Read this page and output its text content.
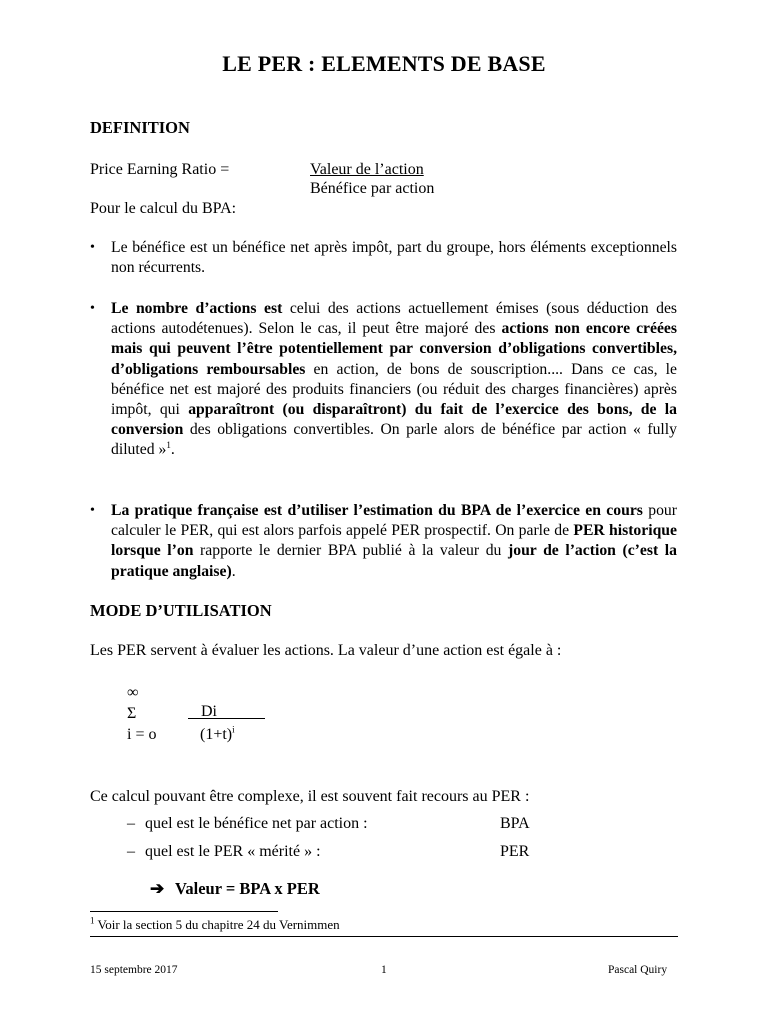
LE PER : ELEMENTS DE BASE
DEFINITION
Price Earning Ratio =	Valeur de l’action
Bénéfice par action
Pour le calcul du BPA:
• Le bénéfice est un bénéfice net après impôt, part du groupe, hors éléments exceptionnels non récurrents.
• Le nombre d’actions est celui des actions actuellement émises (sous déduction des actions autodétenues). Selon le cas, il peut être majoré des actions non encore créées mais qui peuvent l’être potentiellement par conversion d’obligations convertibles, d’obligations remboursables en action, de bons de souscription.... Dans ce cas, le bénéfice net est majoré des produits financiers (ou réduit des charges financières) après impôt, qui apparaîtront (ou disparaîtront) du fait de l’exercice des bons, de la conversion des obligations convertibles. On parle alors de bénéfice par action « fully diluted »$^1$.
• La pratique française est d’utiliser l’estimation du BPA de l’exercice en cours pour calculer le PER, qui est alors parfois appelé PER prospectif. On parle de PER historique lorsque l’on rapporte le dernier BPA publié à la valeur du jour de l’action (c’est la pratique anglaise).
MODE D’UTILISATION
Les PER servent à évaluer les actions. La valeur d’une action est égale à :
∞
Σ
i = o
Di
$(1+t)^i$
Ce calcul pouvant être complexe, il est souvent fait recours au PER :
– quel est le bénéfice net par action :	BPA
– quel est le PER « mérité » :	PER
➔ Valeur = BPA x PER
$^1$ Voir la section 5 du chapitre 24 du Vernimmen
15 septembre 2017	1	Pascal Quiry
